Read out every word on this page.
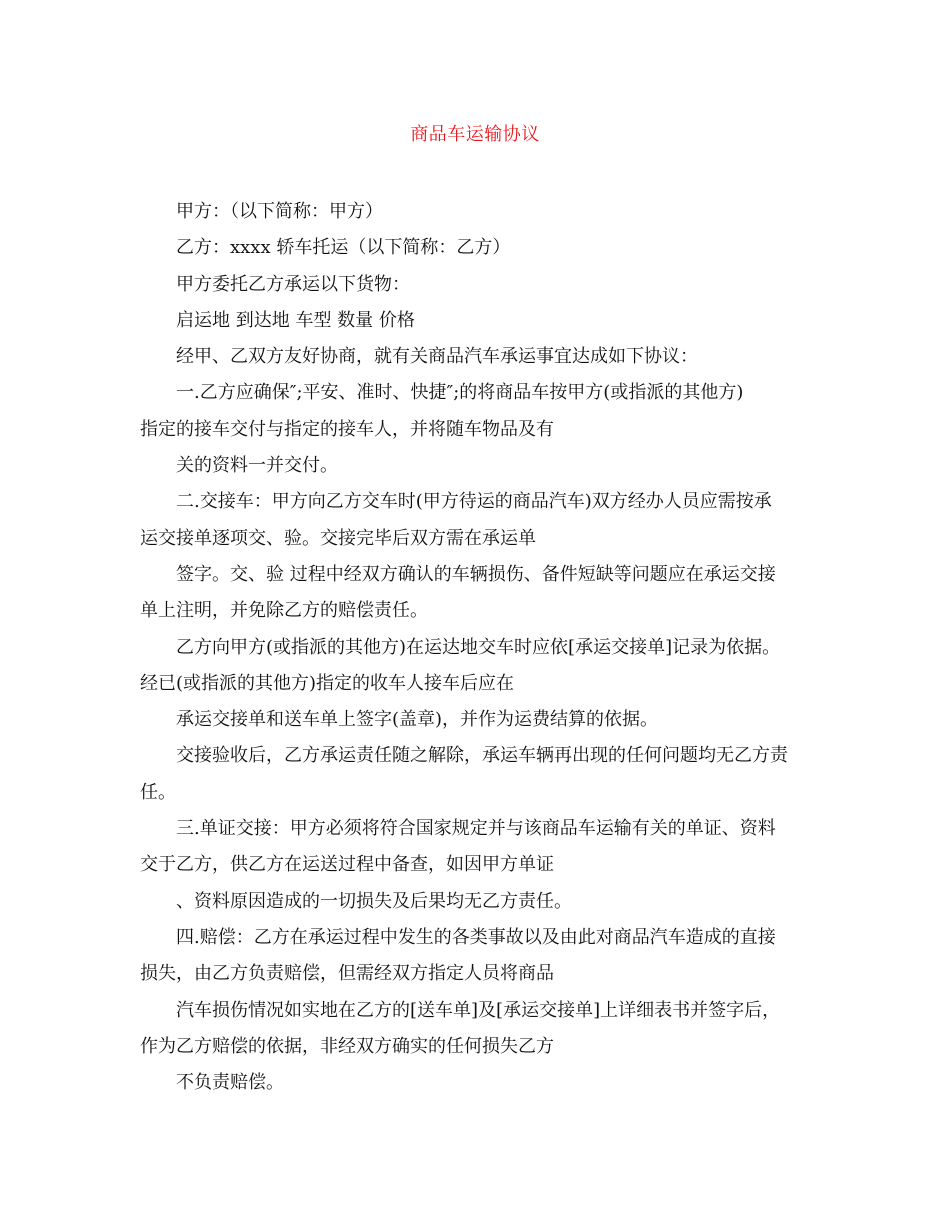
商品车运输协议

甲方：（以下简称：甲方）

乙方：xxxx 轿车托运（以下简称：乙方）

甲方委托乙方承运以下货物：

启运地 到达地 车型 数量 价格

经甲、乙双方友好协商，就有关商品汽车承运事宜达成如下协议：

一.乙方应确保″;平安、准时、快捷″;的将商品车按甲方(或指派的其他方)

指定的接车交付与指定的接车人，并将随车物品及有

关的资料一并交付。

二.交接车：甲方向乙方交车时(甲方待运的商品汽车)双方经办人员应需按承

运交接单逐项交、验。交接完毕后双方需在承运单

签字。交、验 过程中经双方确认的车辆损伤、备件短缺等问题应在承运交接

单上注明，并免除乙方的赔偿责任。

乙方向甲方(或指派的其他方)在运达地交车时应依[承运交接单]记录为依据。

经已(或指派的其他方)指定的收车人接车后应在

承运交接单和送车单上签字(盖章)，并作为运费结算的依据。

交接验收后，乙方承运责任随之解除，承运车辆再出现的任何问题均无乙方责

任。

三.单证交接：甲方必须将符合国家规定并与该商品车运输有关的单证、资料

交于乙方，供乙方在运送过程中备查，如因甲方单证

、资料原因造成的一切损失及后果均无乙方责任。

四.赔偿：乙方在承运过程中发生的各类事故以及由此对商品汽车造成的直接

损失，由乙方负责赔偿，但需经双方指定人员将商品

汽车损伤情况如实地在乙方的[送车单]及[承运交接单]上详细表书并签字后，

作为乙方赔偿的依据，非经双方确实的任何损失乙方

不负责赔偿。
